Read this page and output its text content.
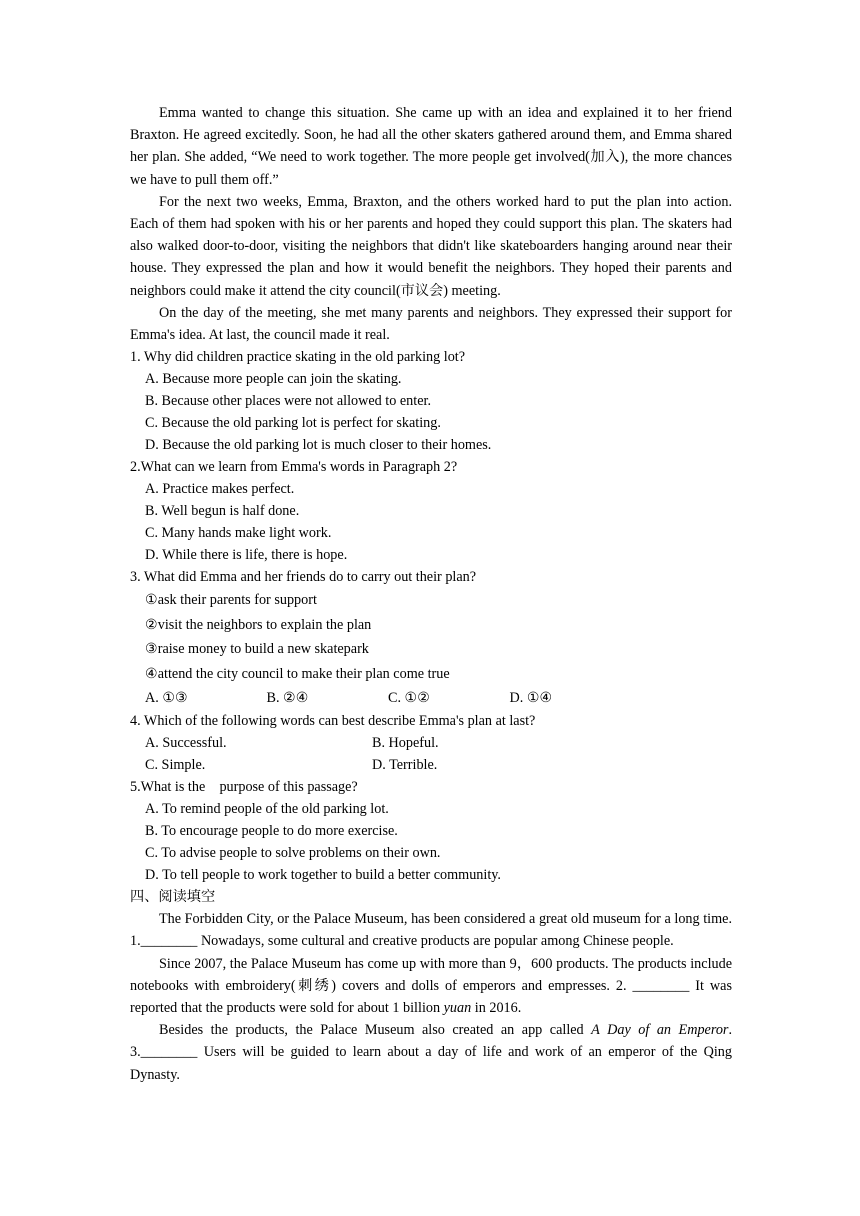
Emma wanted to change this situation. She came up with an idea and explained it to her friend Braxton. He agreed excitedly. Soon, he had all the other skaters gathered around them, and Emma shared her plan. She added, “We need to work together. The more people get involved(加入), the more chances we have to pull them off.”

For the next two weeks, Emma, Braxton, and the others worked hard to put the plan into action. Each of them had spoken with his or her parents and hoped they could support this plan. The skaters had also walked door-to-door, visiting the neighbors that didn't like skateboarders hanging around near their house. They expressed the plan and how it would benefit the neighbors. They hoped their parents and neighbors could make it attend the city council(市议会) meeting.

On the day of the meeting, she met many parents and neighbors. They expressed their support for Emma's idea. At last, the council made it real.

1. Why did children practice skating in the old parking lot?

A. Because more people can join the skating.

B. Because other places were not allowed to enter.

C. Because the old parking lot is perfect for skating.

D. Because the old parking lot is much closer to their homes.

2.What can we learn from Emma's words in Paragraph 2?

A. Practice makes perfect.

B. Well begun is half done.

C. Many hands make light work.

D. While there is life, there is hope.

3. What did Emma and her friends do to carry out their plan?

①ask their parents for support

②visit the neighbors to explain the plan

③raise money to build a new skatepark

④attend the city council to make their plan come true

A. ①③	B. ②④	C. ①②	D. ①④

4. Which of the following words can best describe Emma's plan at last?

A. Successful.	B. Hopeful.
C. Simple.	D. Terrible.

5.What is the    purpose of this passage?

A. To remind people of the old parking lot.

B. To encourage people to do more exercise.

C. To advise people to solve problems on their own.

D. To tell people to work together to build a better community.

四、阅读填空

The Forbidden City, or the Palace Museum, has been considered a great old museum for a long time. 1.________ Nowadays, some cultural and creative products are popular among Chinese people.

Since 2007, the Palace Museum has come up with more than 9，600 products. The products include notebooks with embroidery(刺绣) covers and dolls of emperors and empresses. 2. ________ It was reported that the products were sold for about 1 billion yuan in 2016.

Besides the products, the Palace Museum also created an app called A Day of an Emperor. 3.________ Users will be guided to learn about a day of life and work of an emperor of the Qing Dynasty.
